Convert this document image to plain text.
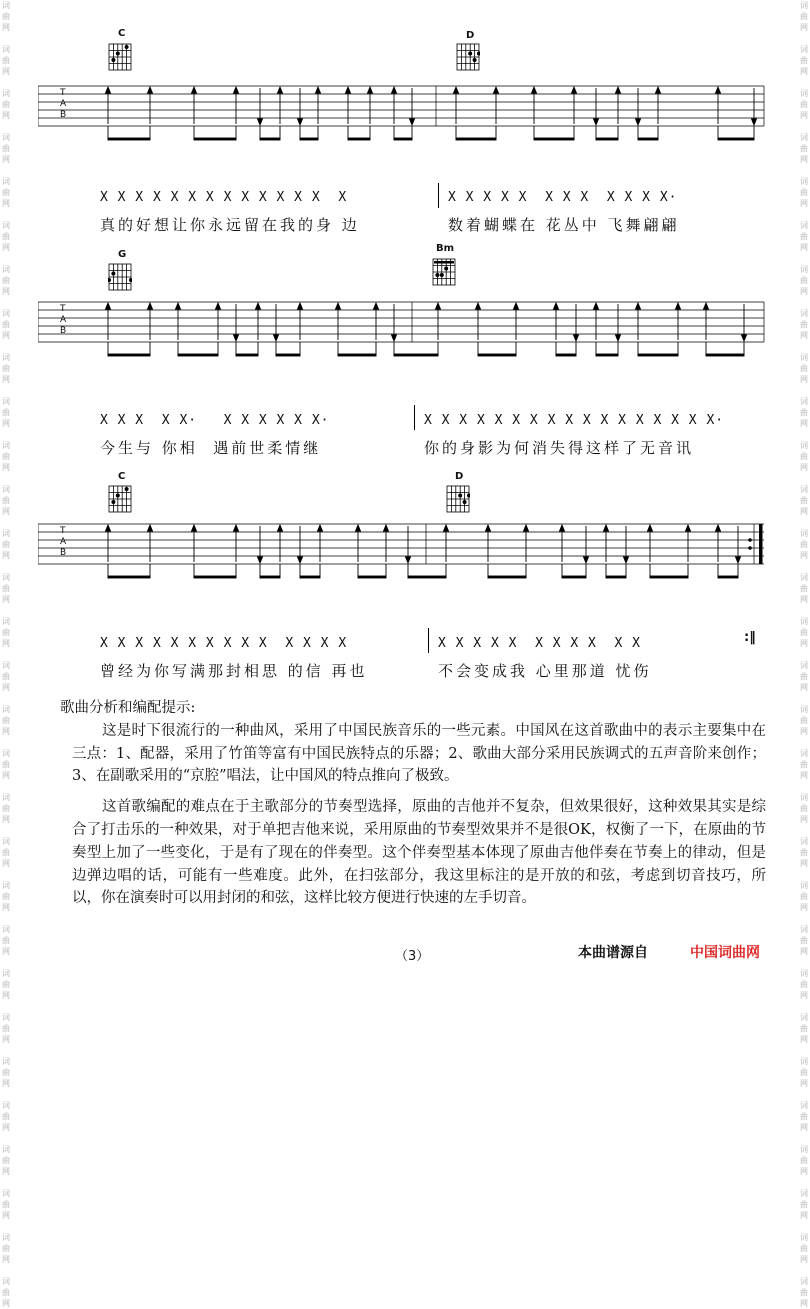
词
曲
网

词
曲
网

词
曲
网

词
曲
网

词
曲
网

词
曲
网

词
曲
网

词
曲
网

词
曲
网

词
曲
网

词
曲
网

词
曲
网

词
曲
网

词
曲
网

词
曲
网

词
曲
网

词
曲
网

词
曲
网

词
曲
网

词
曲
网

词
曲
网

词
曲
网

词
曲
网

词
曲
网

词
曲
网

词
曲
网

词
曲
网

词
曲
网

词
曲
网

词
曲
网

词
曲
网

词
曲
网

词
曲
网

词
曲
网

词
曲
网

词
曲
网

词
曲
网

词
曲
网

词
曲
网

词
曲
网

词
曲
网

词
曲
网

词
曲
网

词
曲
网

词
曲
网

词
曲
网

词
曲
网

词
曲
网

词
曲
网

词
曲
网

词
曲
网

词
曲
网

词
曲
网

词
曲
网

词
曲
网

词
曲
网

词
曲
网

词
曲
网

词
曲
网

词
曲
网

C	D
T
A
B
X X X X X X X X X X X X X  X	X X X X X  X X X  X X X X·
真的好想让你永远留在我的身 边	数着蝴蝶在 花丛中 飞舞翩翩
G
Bm
T
A
B
X X X  X X·   X X X X X X·	X X X X X X X X X X X X X X X X X·
今生与 你相  遇前世柔情继	你的身影为何消失得这样了无音讯
C	D
T
A
B
X X X X X X X X X X  X X X X	X X X X X  X X X X  X X	:‖
曾经为你写满那封相思 的信 再也	不会变成我 心里那道 忧伤

歌曲分析和编配提示:

这是时下很流行的一种曲风，采用了中国民族音乐的一些元素。中国风在这首歌曲中的表示主要集中在三点：1、配器，采用了竹笛等富有中国民族特点的乐器；2、歌曲大部分采用民族调式的五声音阶来创作；3、在副歌采用的“京腔”唱法，让中国风的特点推向了极致。

这首歌编配的难点在于主歌部分的节奏型选择，原曲的吉他并不复杂，但效果很好，这种效果其实是综合了打击乐的一种效果，对于单把吉他来说，采用原曲的节奏型效果并不是很OK，权衡了一下，在原曲的节奏型上加了一些变化，于是有了现在的伴奏型。这个伴奏型基本体现了原曲吉他伴奏在节奏上的律动，但是边弹边唱的话，可能有一些难度。此外，在扫弦部分，我这里标注的是开放的和弦，考虑到切音技巧，所以，你在演奏时可以用封闭的和弦，这样比较方便进行快速的左手切音。

（3）	本曲谱源自	中国词曲网
